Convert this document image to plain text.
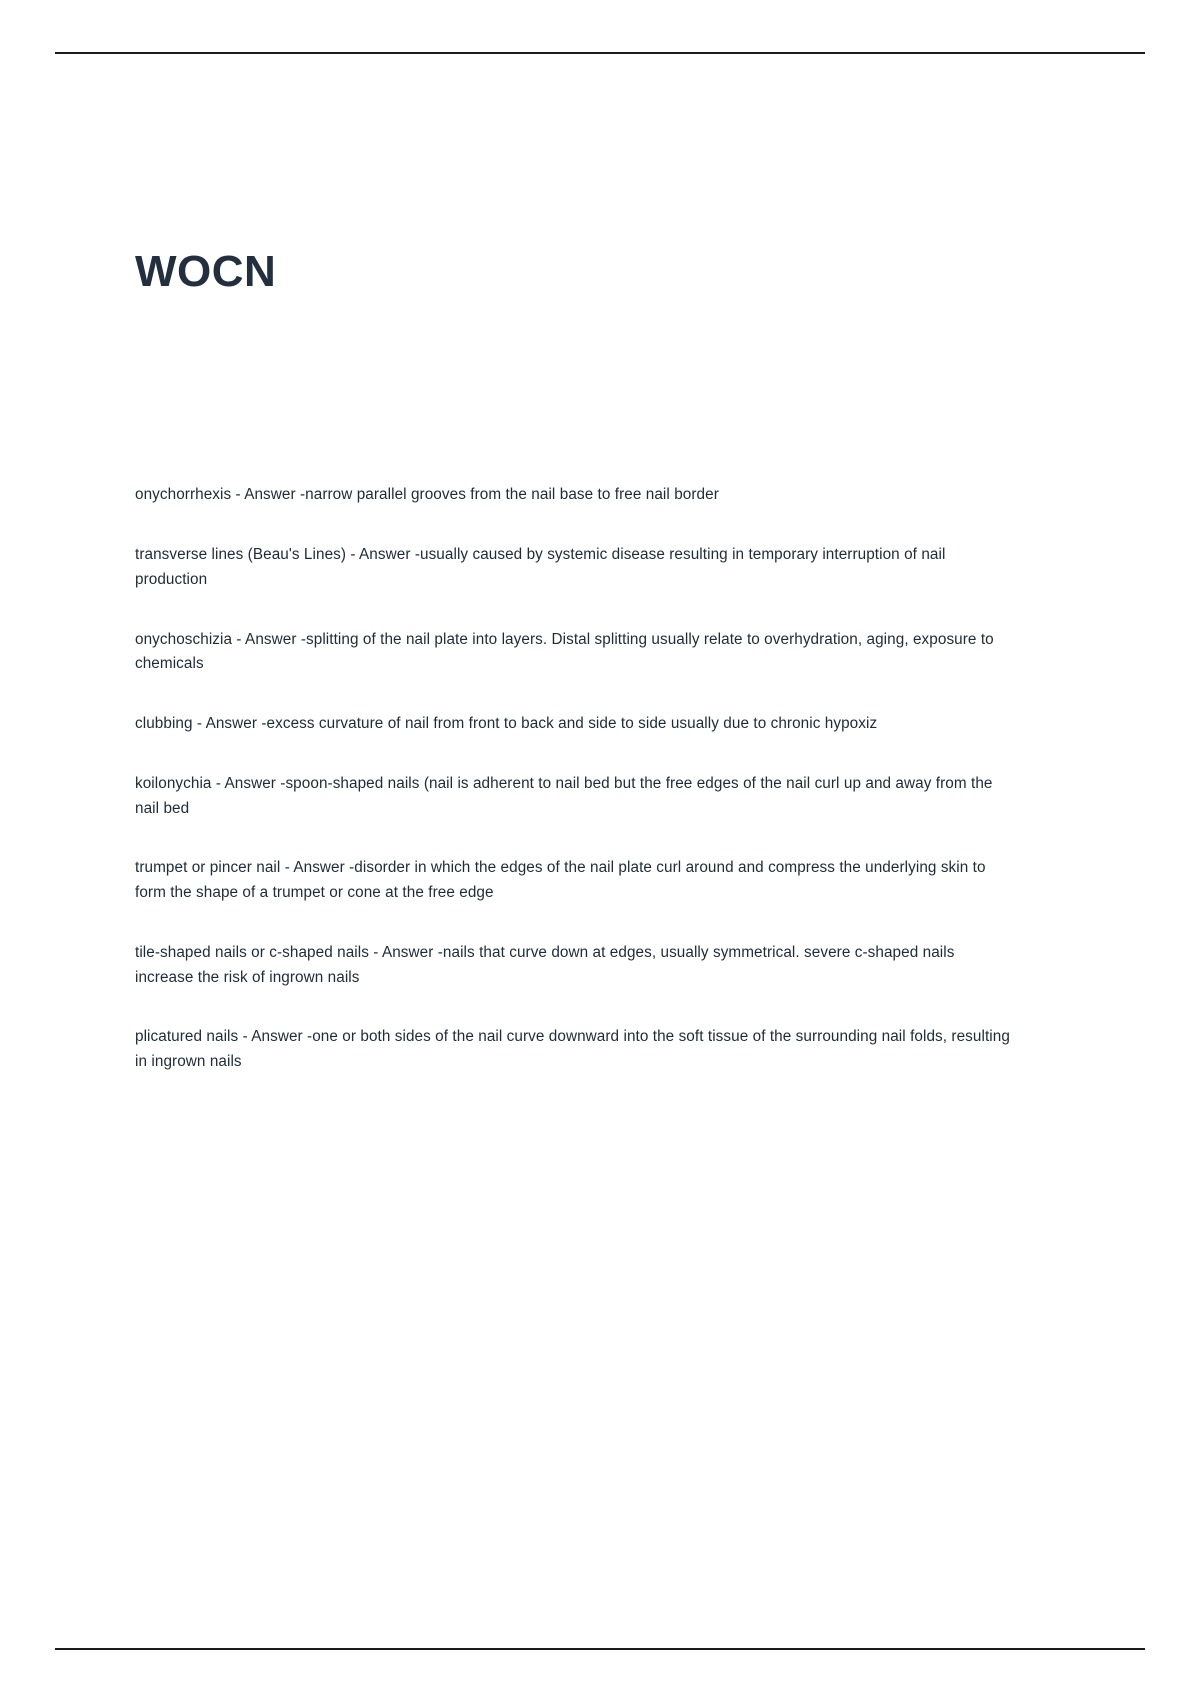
WOCN

onychorrhexis - Answer -narrow parallel grooves from the nail base to free nail border

transverse lines (Beau's Lines) - Answer -usually caused by systemic disease resulting in temporary interruption of nail production

onychoschizia - Answer -splitting of the nail plate into layers. Distal splitting usually relate to overhydration, aging, exposure to chemicals

clubbing - Answer -excess curvature of nail from front to back and side to side usually due to chronic hypoxiz

koilonychia - Answer -spoon-shaped nails (nail is adherent to nail bed but the free edges of the nail curl up and away from the nail bed

trumpet or pincer nail - Answer -disorder in which the edges of the nail plate curl around and compress the underlying skin to form the shape of a trumpet or cone at the free edge

tile-shaped nails or c-shaped nails - Answer -nails that curve down at edges, usually symmetrical. severe c-shaped nails increase the risk of ingrown nails

plicatured nails - Answer -one or both sides of the nail curve downward into the soft tissue of the surrounding nail folds, resulting in ingrown nails
